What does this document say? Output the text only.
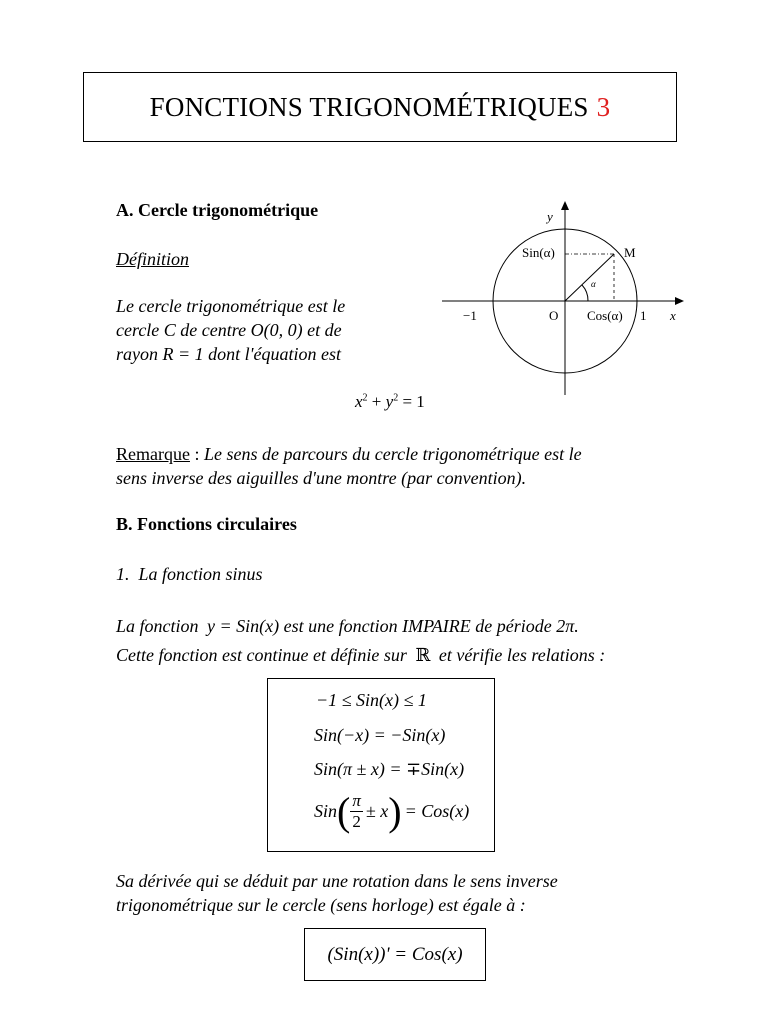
FONCTIONS TRIGONOMÉTRIQUES 3
A. Cercle trigonométrique
Définition
Le cercle trigonométrique est le
cercle C de centre O(0, 0) et de
rayon R = 1 dont l'équation est
$x^2 + y^2 = 1$
y
x
−1	O Cos(α) 1
Sin(α)	M
α
Remarque : Le sens de parcours du cercle trigonométrique est le
sens inverse des aiguilles d'une montre (par convention).
B. Fonctions circulaires
1.  La fonction sinus
La fonction y = Sin(x) est une fonction IMPAIRE de période 2π.
Cette fonction est continue et définie sur ℝ et vérifie les relations :
−1 ≤ Sin(x) ≤ 1
Sin(−x) = −Sin(x)
Sin(π ± x) = ∓Sin(x)
Sin ( $\frac{\pi}{2} \pm x$ ) = Cos(x)
Sa dérivée qui se déduit par une rotation dans le sens inverse
trigonométrique sur le cercle (sens horloge) est égale à :
(Sin(x))' = Cos(x)
